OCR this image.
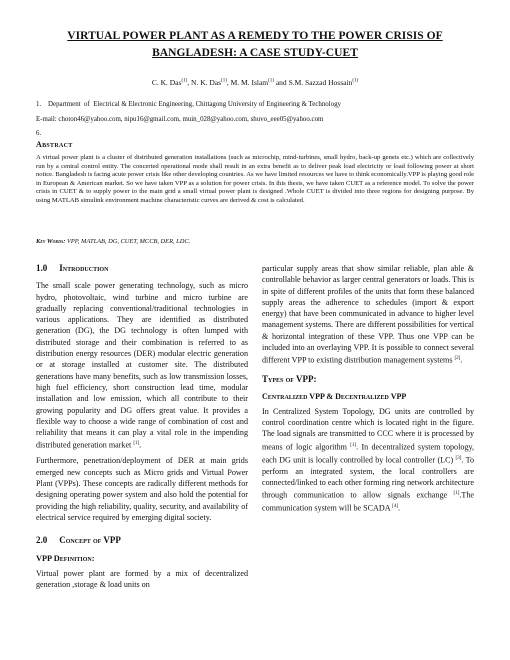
VIRTUAL POWER PLANT AS A REMEDY TO THE POWER CRISIS OF BANGLADESH: A CASE STUDY-CUET
C. K. Das$^{(1)}$, N. K. Das$^{(1)}$, M. M. Islam$^{(1)}$ and S.M. Sazzad Hossain$^{(1)}$
1.    Department  of  Electrical & Electronic Engineering, Chittagong University of Engineering & Technology
E-mail: choton46@yahoo.com, nipu16@gmail.com, muin_028@yahoo.com, shuvo_eee05@yahoo.com
6.
Abstract

A virtual power plant is a cluster of distributed generation installations (such as microchip, mind-turbines, small hydro, back-up genets etc.) which are collectively run by a central control entity. The concerted operational mode shall result in an extra benefit as to deliver peak load electricity or load following power at short notice. Bangladesh is facing acute power crisis like other developing countries. As we have limited resources we have to think economically.VPP is playing good role in European & American market. So we have taken VPP as a solution for power crisis. In this thesis, we have taken CUET as a reference model. To solve the power crisis in CUET & to supply power to the main grid a small virtual power plant is designed .Whole CUET is divided into three regions for designing purpose. By using MATLAB simulink environment machine characteristic curves are derived & cost is calculated.

Key Words: VPP, MATLAB, DG, CUET, MCCB, DER, LDC.
1.0 Introduction

The small scale power generating technology, such as micro hydro, photovoltaic, wind turbine and micro turbine are gradually replacing conventional/traditional technologies in various applications. They are identified as distributed generation (DG), the DG technology is often lumped with distributed storage and their combination is referred to as distribution energy resources (DER) modular electric generation or at storage installed at customer site. The distributed generations have many benefits, such as low transmission losses, high fuel efficiency, short construction lead time, modular installation and low emission, which all contribute to their growing popularity and DG offers great value. It provides a flexible way to choose a wide range of combination of cost and reliability that means it can play a vital role in the impending distributed generation market [1].

Furthermore, penetration/deployment of DER at main grids emerged new concepts such as Micro grids and Virtual Power Plant (VPPs). These concepts are radically different methods for designing operating power system and also hold the potential for providing the high reliability, quality, security, and availability of electrical service required by emerging digital society.

2.0 Concept of VPP
VPP Definition:

Virtual power plant are formed by a mix of decentralized generation ,storage & load units on

particular supply areas that show similar reliable, plan able & controllable behavior as larger central generators or loads. This is in spite of different profiles of the units that form these balanced supply areas the adherence to schedules (import & export energy) that have been communicated in advance to higher level management systems. There are different possibilities for vertical & horizontal integration of these VPP. Thus one VPP can be included into an overlaying VPP. It is possible to connect several different VPP to existing distribution management systems [2].

Types of VPP:
Centralized VPP & Decentralized VPP

In Centralized System Topology, DG units are controlled by control coordination centre which is located right in the figure. The load signals are transmitted to CCC where it is processed by means of logic algorithm [1]. In decentralized system topology, each DG unit is locally controlled by local controller (LC) [3]. To perform an integrated system, the local controllers are connected/linked to each other forming ring network architecture through communication to allow signals exchange [1].The communication system will be SCADA [4].
